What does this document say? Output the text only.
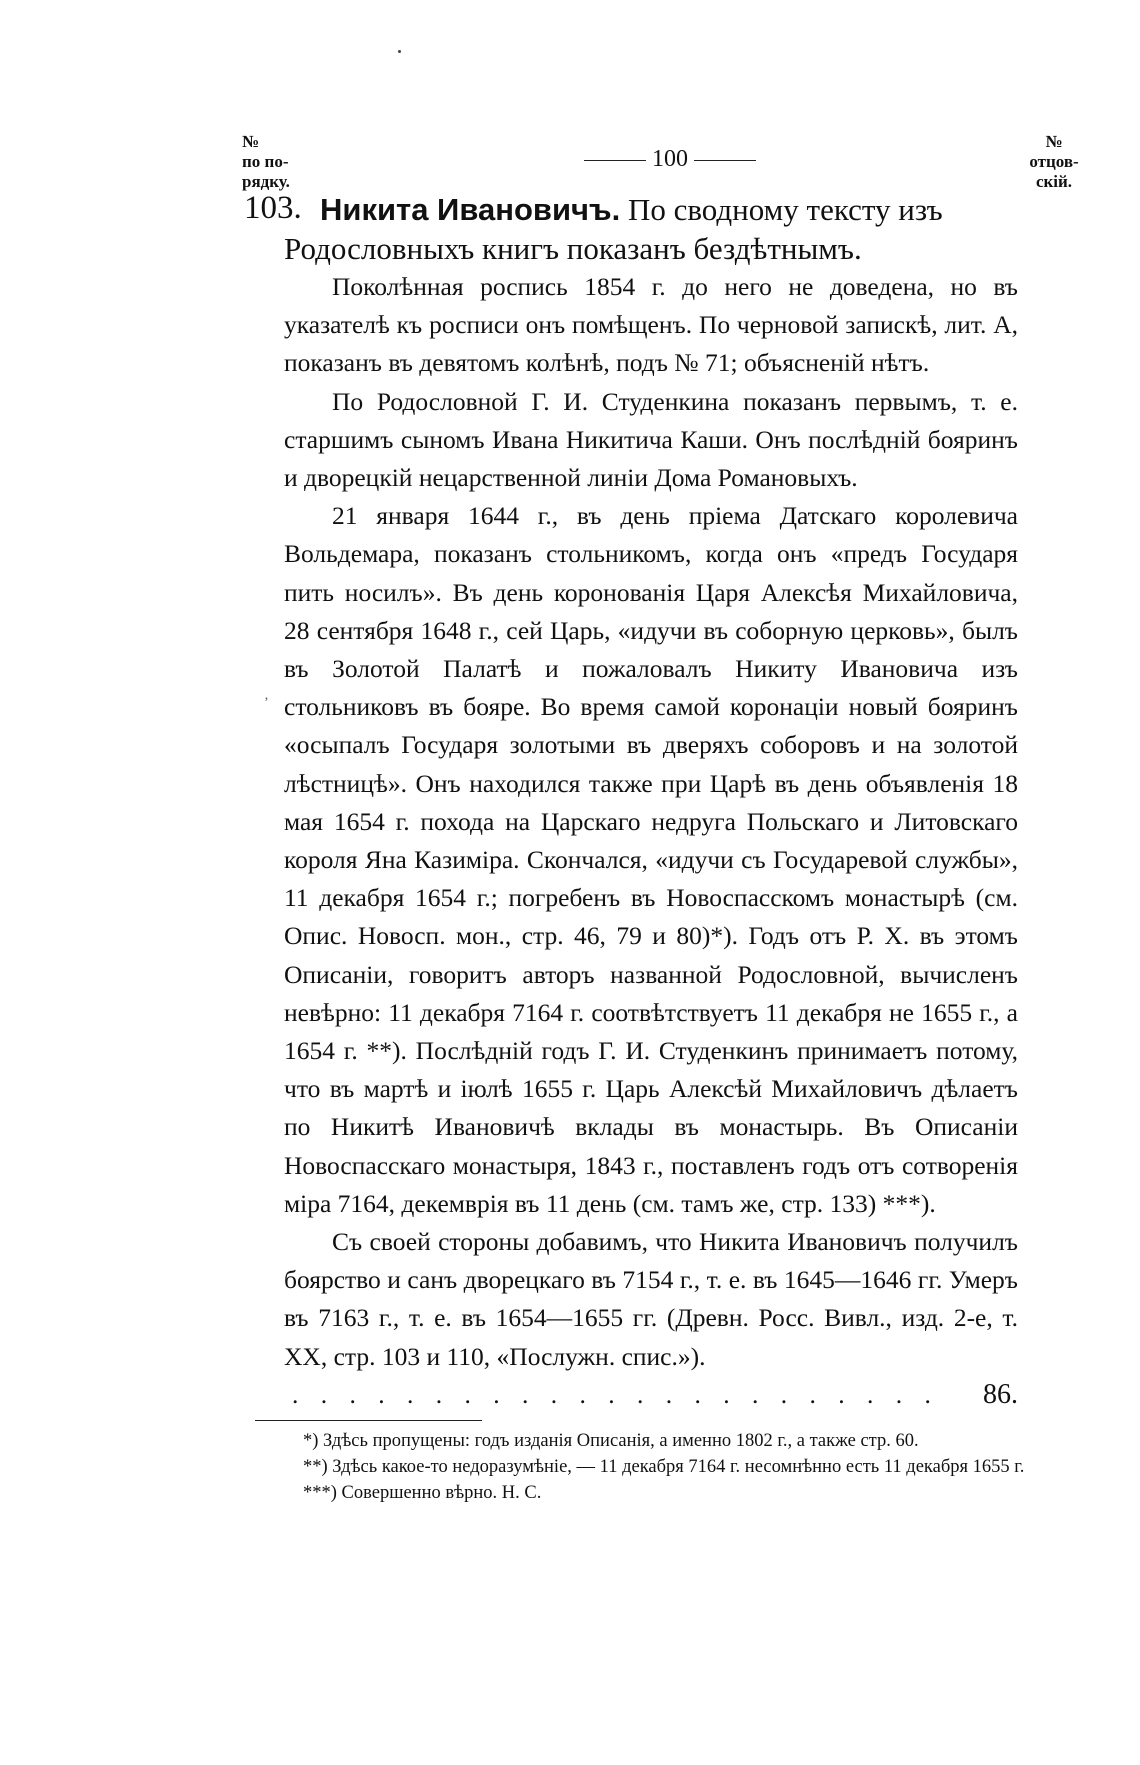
№
по по-
рядку.
100
№
отцов-
скій.
103. Никита Ивановичъ. По сводному тексту изъ

Родословныхъ книгъ показанъ бездѣтнымъ.

Поколѣнная роспись 1854 г. до него не доведена, но въ указателѣ къ росписи онъ помѣщенъ. По черновой запискѣ, лит. А, показанъ въ девятомъ колѣнѣ, подъ № 71; объясненій нѣтъ.

По Родословной Г. И. Студенкина показанъ первымъ, т. е. старшимъ сыномъ Ивана Никитича Каши. Онъ послѣдній бояринъ и дворецкій нецарственной линіи Дома Романовыхъ.

21 января 1644 г., въ день пріема Датскаго королевича Вольдемара, показанъ стольникомъ, когда онъ «предъ Государя пить носилъ». Въ день коронованія Царя Алексѣя Михайловича, 28 сентября 1648 г., сей Царь, «идучи въ соборную церковь», былъ въ Золотой Палатѣ и пожаловалъ Никиту Ивановича изъ стольниковъ въ бояре. Во время самой коронаціи новый бояринъ «осыпалъ Государя золотыми въ дверяхъ соборовъ и на золотой лѣстницѣ». Онъ находился также при Царѣ въ день объявленія 18 мая 1654 г. похода на Царскаго недруга Польскаго и Литовскаго короля Яна Казиміра. Скончался, «идучи съ Государевой службы», 11 декабря 1654 г.; погребенъ въ Новоспасскомъ монастырѣ (см. Опис. Новосп. мон., стр. 46, 79 и 80)*). Годъ отъ Р. Х. въ этомъ Описаніи, говоритъ авторъ названной Родословной, вычисленъ невѣрно: 11 декабря 7164 г. соотвѣтствуетъ 11 декабря не 1655 г., а 1654 г. **). Послѣдній годъ Г. И. Студенкинъ принимаетъ потому, что въ мартѣ и іюлѣ 1655 г. Царь Алексѣй Михайловичъ дѣлаетъ по Никитѣ Ивановичѣ вклады въ монастырь. Въ Описаніи Новоспасскаго монастыря, 1843 г., поставленъ годъ отъ сотворенія міра 7164, декемврія въ 11 день (см. тамъ же, стр. 133) ***).

Съ своей стороны добавимъ, что Никита Ивановичъ получилъ боярство и санъ дворецкаго въ 7154 г., т. е. въ 1645—1646 гг. Умеръ въ 7163 г., т. е. въ 1654—1655 гг. (Древн. Росс. Вивл., изд. 2-е, т. XX, стр. 103 и 110, «Послужн. спис.»).

. . . . . . . . . . . . . . . . . . . . . . .	86.
‚

*) Здѣсь пропущены: годъ изданія Описанія, а именно 1802 г., а также стр. 60.

**) Здѣсь какое-то недоразумѣніе, — 11 декабря 7164 г. несомнѣнно есть 11 декабря 1655 г.

***) Совершенно вѣрно. Н. С.
